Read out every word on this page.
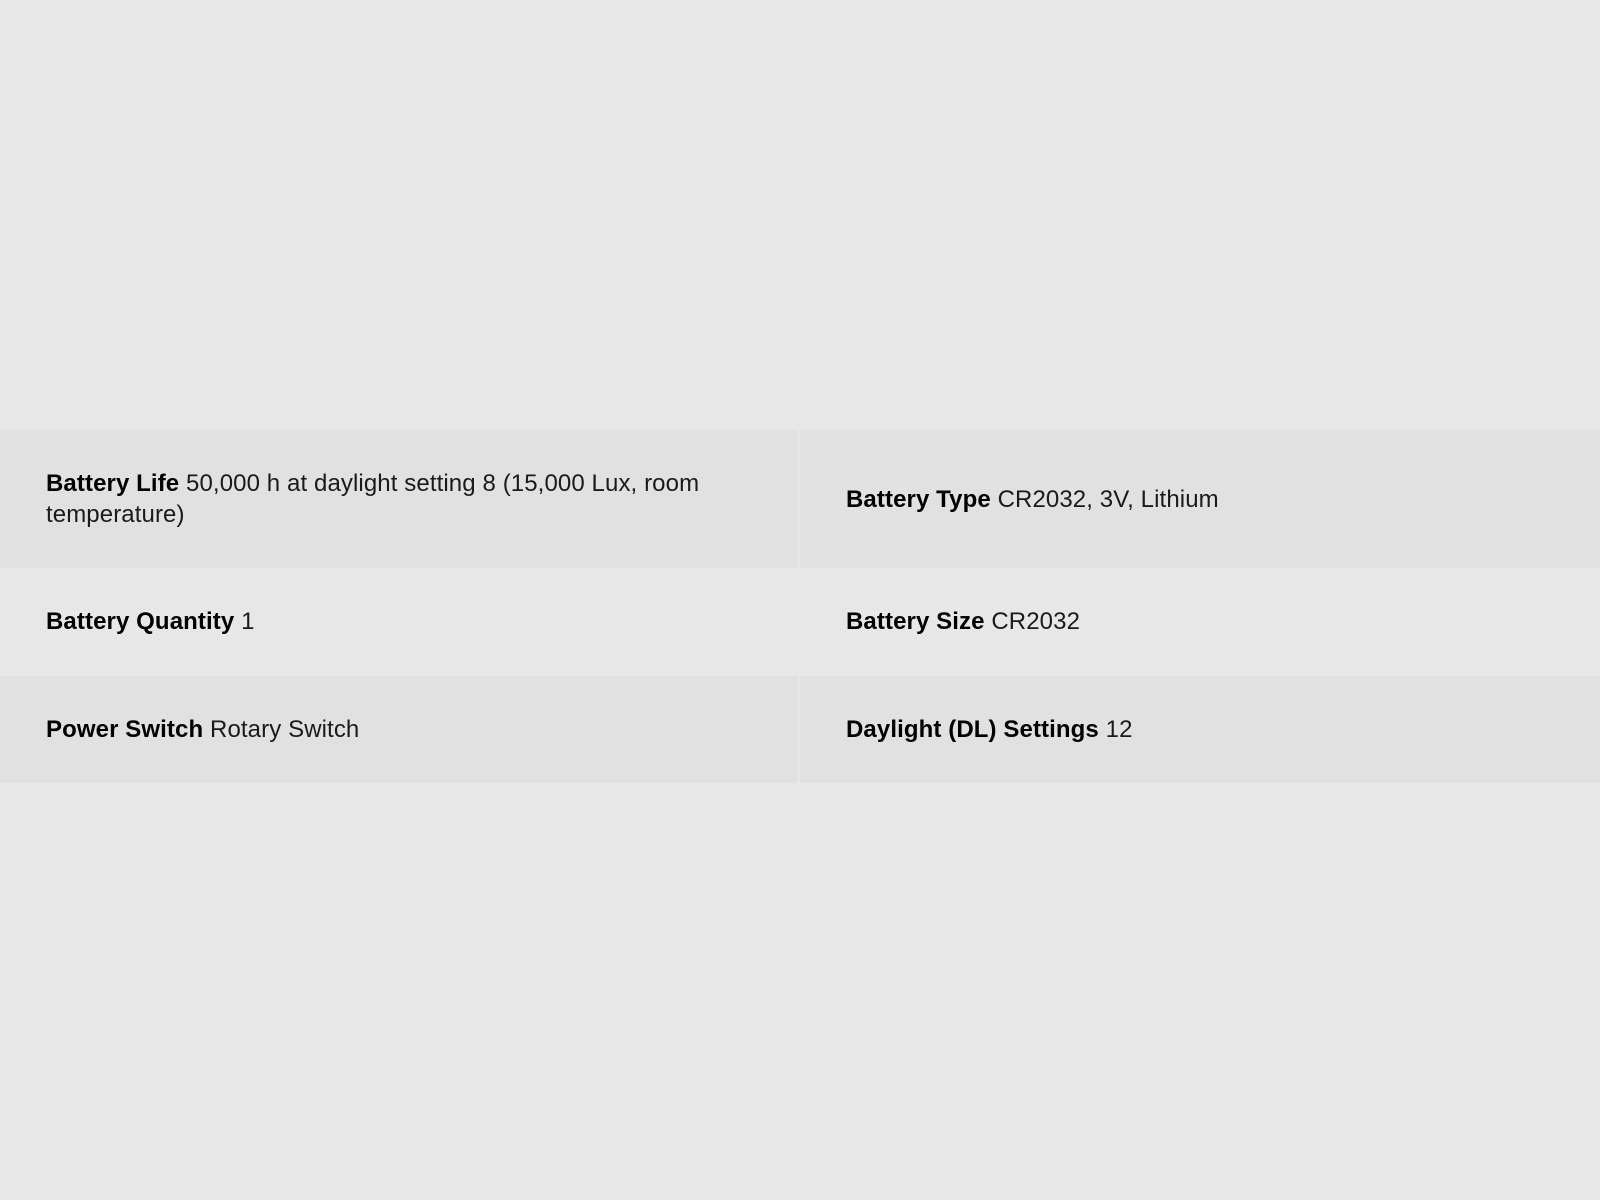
Battery Life 50,000 h at daylight setting 8 (15,000 Lux, room temperature)
Battery Type CR2032, 3V, Lithium
Battery Quantity 1	Battery Size CR2032
Power Switch Rotary Switch	Daylight (DL) Settings 12
